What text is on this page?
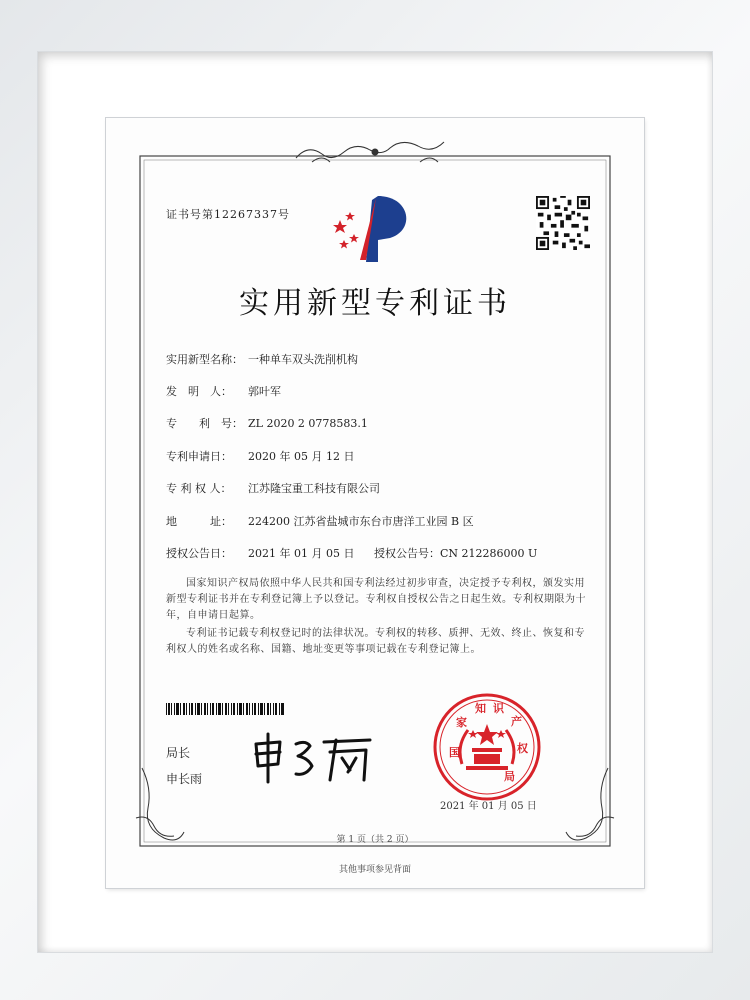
证书号第12267337号
实用新型专利证书
实用新型名称： 一种单车双头洗削机构
发　明　人： 郭叶军
专　　利　号： ZL 2020 2 0778583.1
专利申请日： 2020 年 05 月 12 日
专 利 权 人： 江苏隆宝重工科技有限公司
地　　　址： 224200 江苏省盐城市东台市唐洋工业园 B 区
授权公告日： 2021 年 01 月 05 日 授权公告号：CN 212286000 U
国家知识产权局依照中华人民共和国专利法经过初步审查，决定授予专利权，颁发实用新型专利证书并在专利登记簿上予以登记。专利权自授权公告之日起生效。专利权期限为十年，自申请日起算。
专利证书记载专利权登记时的法律状况。专利权的转移、质押、无效、终止、恢复和专利权人的姓名或名称、国籍、地址变更等事项记载在专利登记簿上。
局长
申长雨
国
家
知 识
产
权
局
2021 年 01 月 05 日
第 1 页（共 2 页）
其他事项参见背面
